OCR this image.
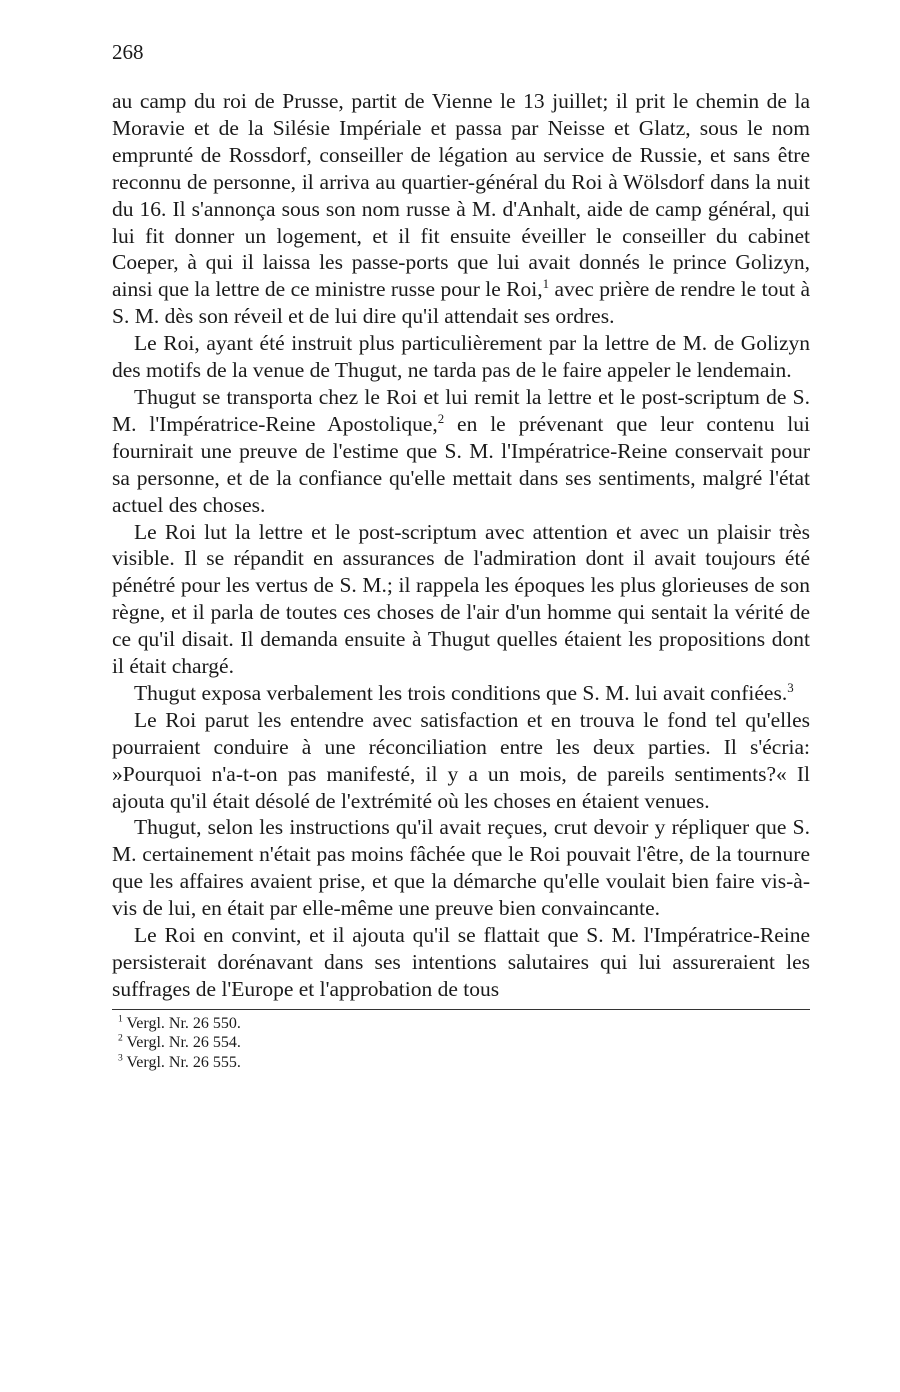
268

au camp du roi de Prusse, partit de Vienne le 13 juillet; il prit le chemin de la Moravie et de la Silésie Impériale et passa par Neisse et Glatz, sous le nom emprunté de Rossdorf, conseiller de légation au service de Russie, et sans être reconnu de personne, il arriva au quartier-général du Roi à Wölsdorf dans la nuit du 16. Il s'annonça sous son nom russe à M. d'Anhalt, aide de camp général, qui lui fit donner un logement, et il fit ensuite éveiller le conseiller du cabinet Coeper, à qui il laissa les passe-ports que lui avait donnés le prince Golizyn, ainsi que la lettre de ce ministre russe pour le Roi,$^1$ avec prière de rendre le tout à S. M. dès son réveil et de lui dire qu'il attendait ses ordres.

Le Roi, ayant été instruit plus particulièrement par la lettre de M. de Golizyn des motifs de la venue de Thugut, ne tarda pas de le faire appeler le lendemain.

Thugut se transporta chez le Roi et lui remit la lettre et le post-scriptum de S. M. l'Impératrice-Reine Apostolique,$^2$ en le prévenant que leur contenu lui fournirait une preuve de l'estime que S. M. l'Impératrice-Reine conservait pour sa personne, et de la confiance qu'elle mettait dans ses sentiments, malgré l'état actuel des choses.

Le Roi lut la lettre et le post-scriptum avec attention et avec un plaisir très visible. Il se répandit en assurances de l'admiration dont il avait toujours été pénétré pour les vertus de S. M.; il rappela les époques les plus glorieuses de son règne, et il parla de toutes ces choses de l'air d'un homme qui sentait la vérité de ce qu'il disait. Il demanda ensuite à Thugut quelles étaient les propositions dont il était chargé.

Thugut exposa verbalement les trois conditions que S. M. lui avait confiées.$^3$

Le Roi parut les entendre avec satisfaction et en trouva le fond tel qu'elles pourraient conduire à une réconciliation entre les deux parties. Il s'écria: »Pourquoi n'a-t-on pas manifesté, il y a un mois, de pareils sentiments?« Il ajouta qu'il était désolé de l'extrémité où les choses en étaient venues.

Thugut, selon les instructions qu'il avait reçues, crut devoir y répliquer que S. M. certainement n'était pas moins fâchée que le Roi pouvait l'être, de la tournure que les affaires avaient prise, et que la démarche qu'elle voulait bien faire vis-à-vis de lui, en était par elle-même une preuve bien convaincante.

Le Roi en convint, et il ajouta qu'il se flattait que S. M. l'Impératrice-Reine persisterait dorénavant dans ses intentions salutaires qui lui assureraient les suffrages de l'Europe et l'approbation de tous

$^1$ Vergl. Nr. 26 550.

$^2$ Vergl. Nr. 26 554.

$^3$ Vergl. Nr. 26 555.
